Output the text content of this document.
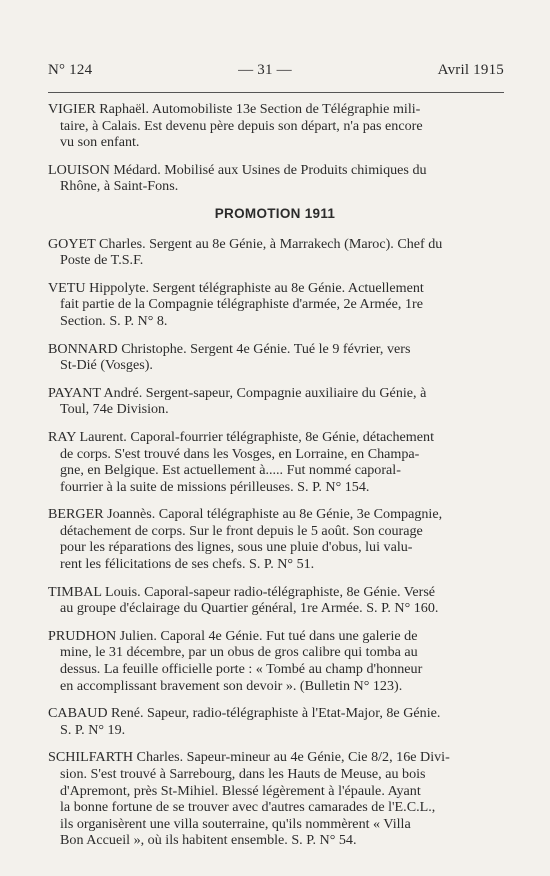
N° 124	— 31 —	Avril 1915
VIGIER Raphaël. Automobiliste 13e Section de Télégraphie mili-
taire, à Calais. Est devenu père depuis son départ, n'a pas encore
vu son enfant.
LOUISON Médard. Mobilisé aux Usines de Produits chimiques du
Rhône, à Saint-Fons.
PROMOTION 1911
GOYET Charles. Sergent au 8e Génie, à Marrakech (Maroc). Chef du
Poste de T.S.F.
VETU Hippolyte. Sergent télégraphiste au 8e Génie. Actuellement
fait partie de la Compagnie télégraphiste d'armée, 2e Armée, 1re
Section. S. P. N° 8.
BONNARD Christophe. Sergent 4e Génie. Tué le 9 février, vers
St-Dié (Vosges).
PAYANT André. Sergent-sapeur, Compagnie auxiliaire du Génie, à
Toul, 74e Division.
RAY Laurent. Caporal-fourrier télégraphiste, 8e Génie, détachement
de corps. S'est trouvé dans les Vosges, en Lorraine, en Champa-
gne, en Belgique. Est actuellement à..... Fut nommé caporal-
fourrier à la suite de missions périlleuses. S. P. N° 154.
BERGER Joannès. Caporal télégraphiste au 8e Génie, 3e Compagnie,
détachement de corps. Sur le front depuis le 5 août. Son courage
pour les réparations des lignes, sous une pluie d'obus, lui valu-
rent les félicitations de ses chefs. S. P. N° 51.
TIMBAL Louis. Caporal-sapeur radio-télégraphiste, 8e Génie. Versé
au groupe d'éclairage du Quartier général, 1re Armée. S. P. N° 160.
PRUDHON Julien. Caporal 4e Génie. Fut tué dans une galerie de
mine, le 31 décembre, par un obus de gros calibre qui tomba au
dessus. La feuille officielle porte : « Tombé au champ d'honneur
en accomplissant bravement son devoir ». (Bulletin N° 123).
CABAUD René. Sapeur, radio-télégraphiste à l'Etat-Major, 8e Génie.
S. P. N° 19.
SCHILFARTH Charles. Sapeur-mineur au 4e Génie, Cie 8/2, 16e Divi-
sion. S'est trouvé à Sarrebourg, dans les Hauts de Meuse, au bois
d'Apremont, près St-Mihiel. Blessé légèrement à l'épaule. Ayant
la bonne fortune de se trouver avec d'autres camarades de l'E.C.L.,
ils organisèrent une villa souterraine, qu'ils nommèrent « Villa
Bon Accueil », où ils habitent ensemble. S. P. N° 54.
